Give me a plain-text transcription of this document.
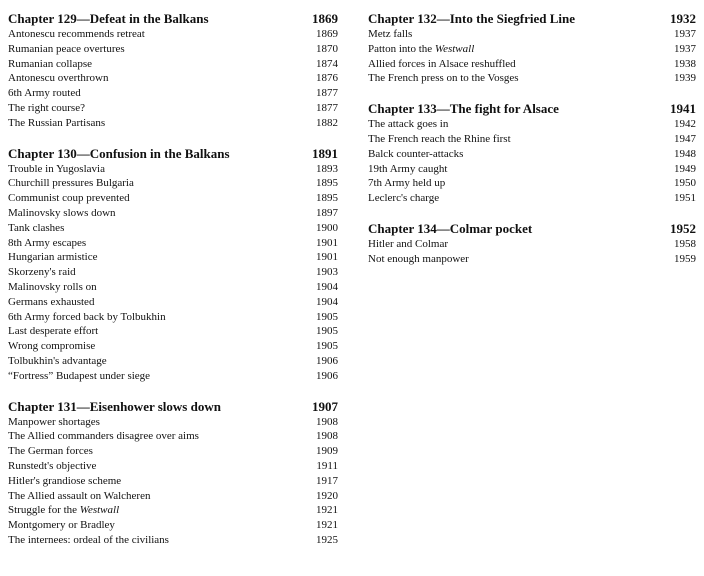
Chapter 129—Defeat in the Balkans	1869
Antonescu recommends retreat	1869
Rumanian peace overtures	1870
Rumanian collapse	1874
Antonescu overthrown	1876
6th Army routed	1877
The right course?	1877
The Russian Partisans	1882
Chapter 130—Confusion in the Balkans	1891
Trouble in Yugoslavia	1893
Churchill pressures Bulgaria	1895
Communist coup prevented	1895
Malinovsky slows down	1897
Tank clashes	1900
8th Army escapes	1901
Hungarian armistice	1901
Skorzeny's raid	1903
Malinovsky rolls on	1904
Germans exhausted	1904
6th Army forced back by Tolbukhin	1905
Last desperate effort	1905
Wrong compromise	1905
Tolbukhin's advantage	1906
“Fortress” Budapest under siege	1906
Chapter 131—Eisenhower slows down	1907
Manpower shortages	1908
The Allied commanders disagree over aims	1908
The German forces	1909
Runstedt's objective	1911
Hitler's grandiose scheme	1917
The Allied assault on Walcheren	1920
Struggle for the Westwall	1921
Montgomery or Bradley	1921
The internees: ordeal of the civilians	1925
Chapter 132—Into the Siegfried Line	1932
Metz falls	1937
Patton into the Westwall	1937
Allied forces in Alsace reshuffled	1938
The French press on to the Vosges	1939
Chapter 133—The fight for Alsace	1941
The attack goes in	1942
The French reach the Rhine first	1947
Balck counter-attacks	1948
19th Army caught	1949
7th Army held up	1950
Leclerc's charge	1951
Chapter 134—Colmar pocket	1952
Hitler and Colmar	1958
Not enough manpower	1959
